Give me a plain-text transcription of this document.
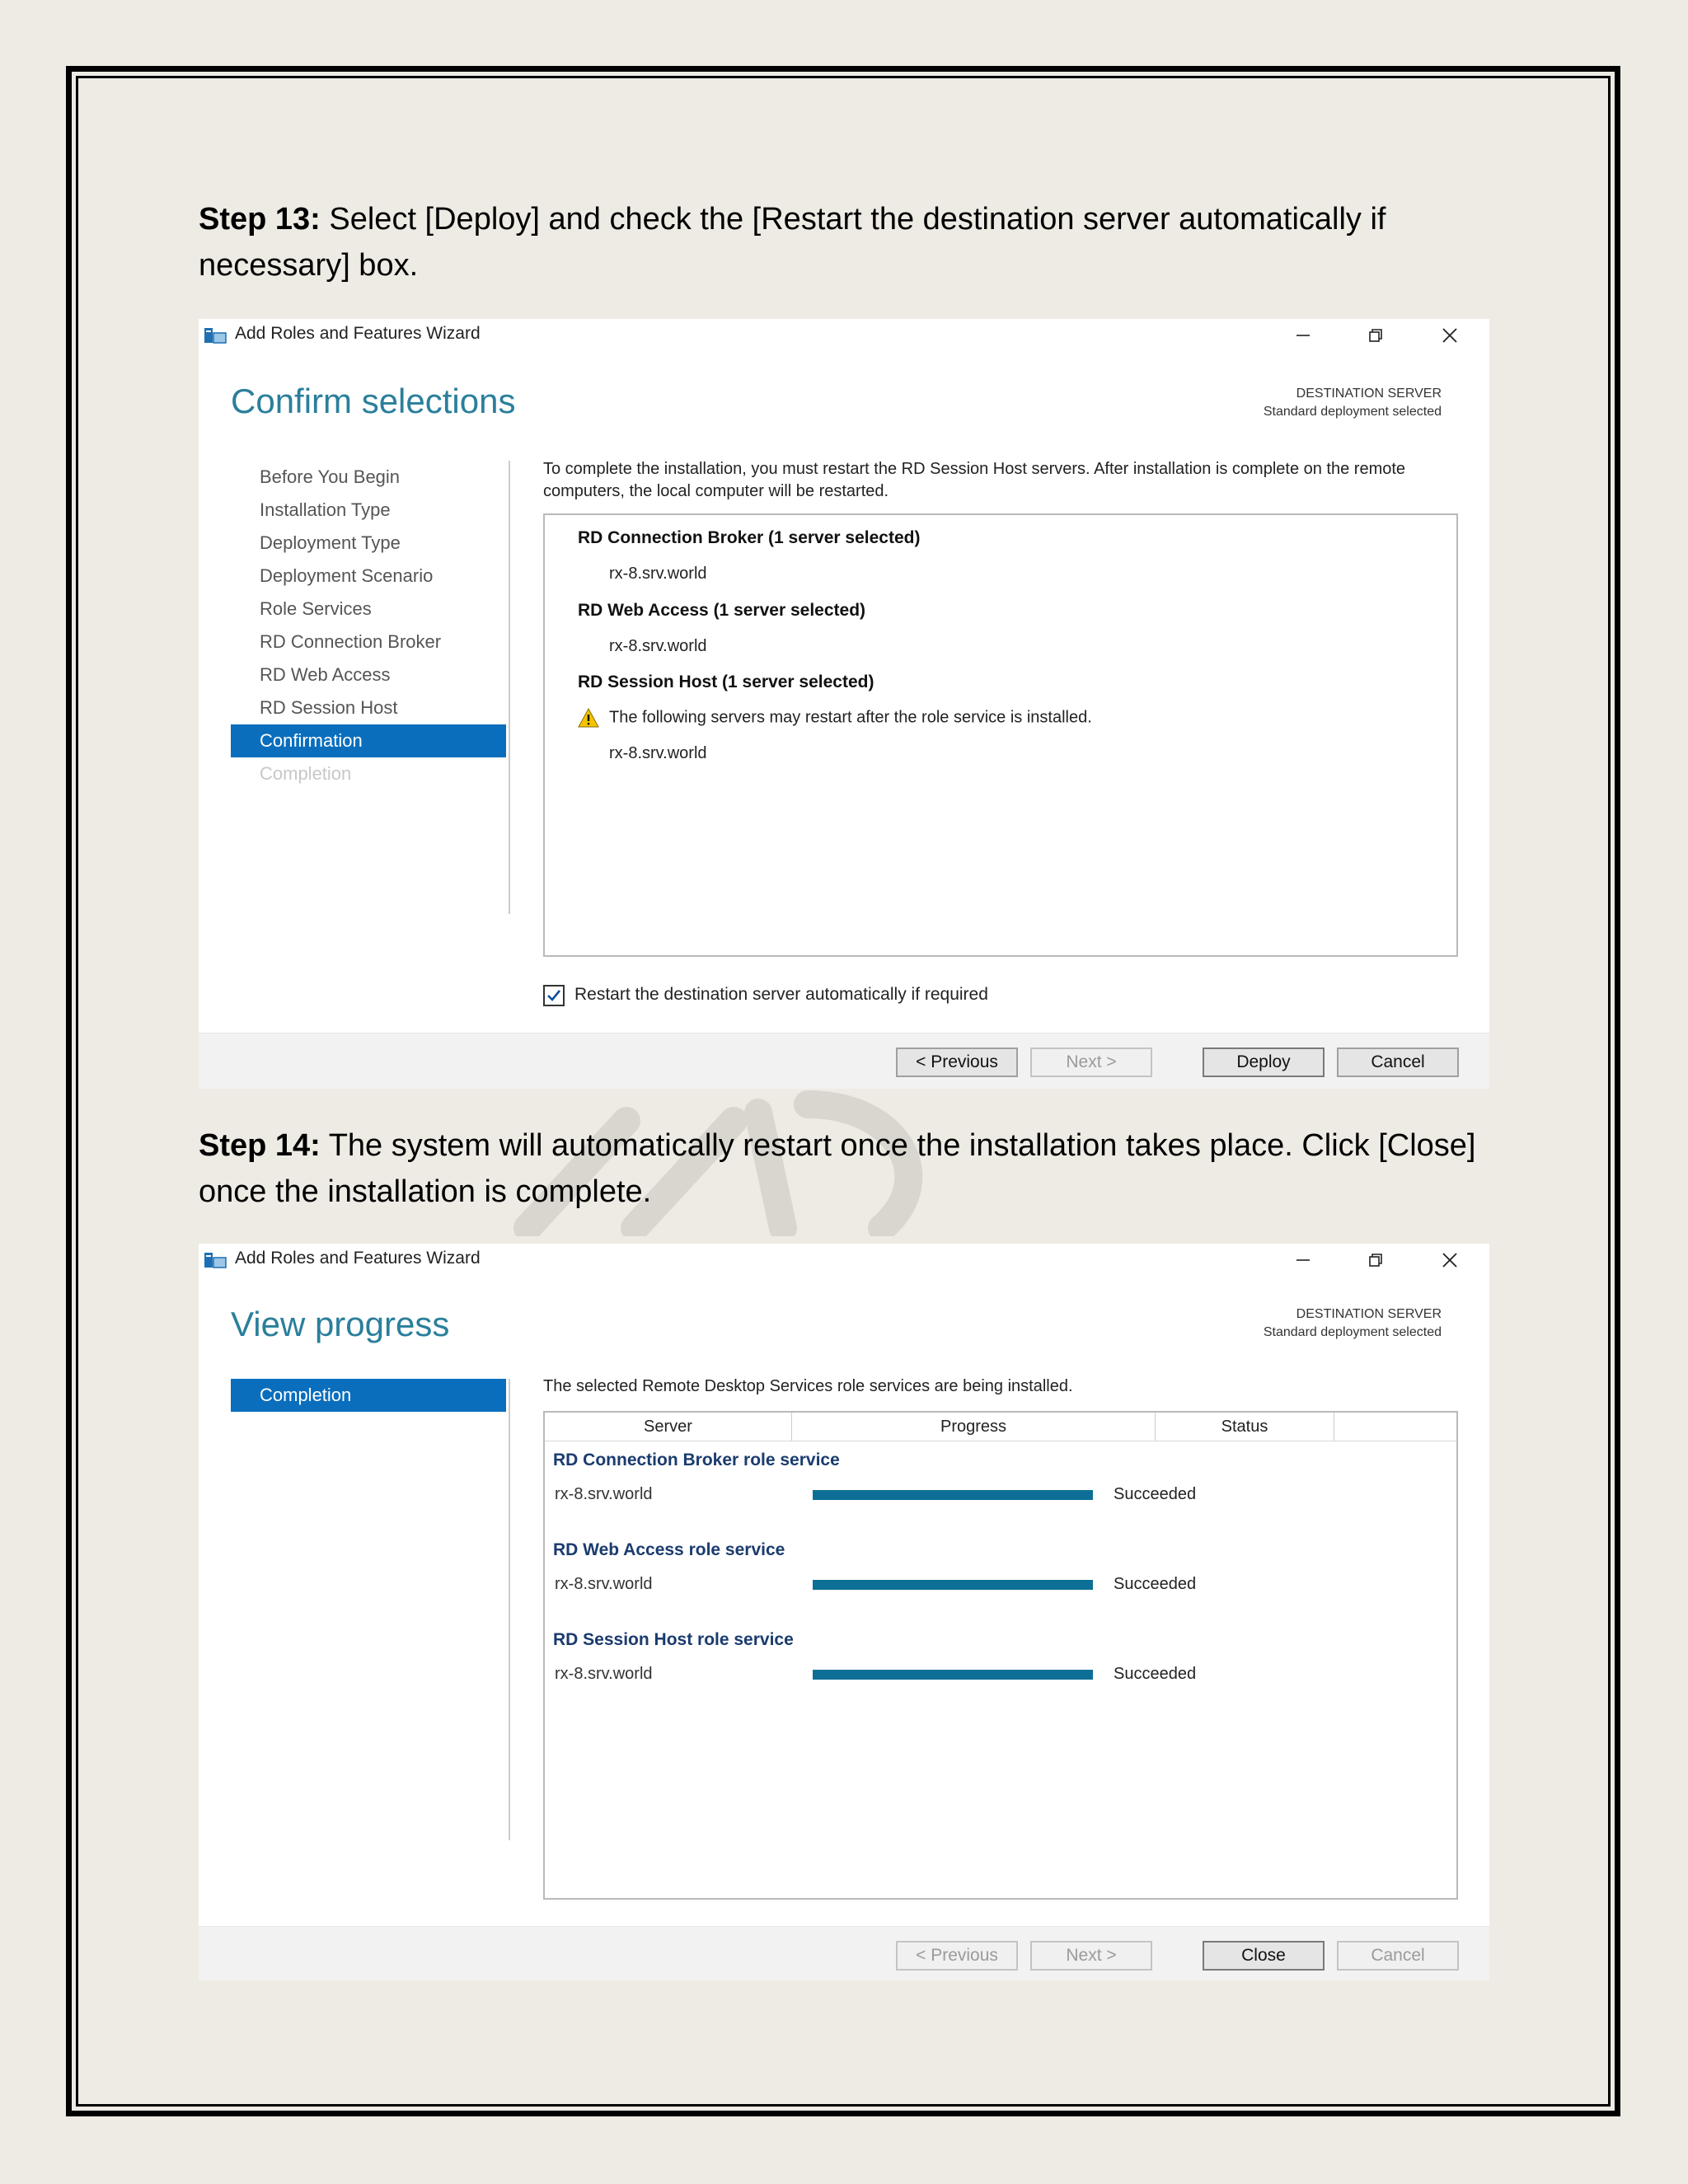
Step 13: Select [Deploy] and check the [Restart the destination server automatically if necessary] box.
Add Roles and Features Wizard
Confirm selections	DESTINATION SERVER
Standard deployment selected
Before You Begin
Installation Type
Deployment Type
Deployment Scenario
Role Services
RD Connection Broker
RD Web Access
RD Session Host
Confirmation
Completion
To complete the installation, you must restart the RD Session Host servers. After installation is complete on the remote computers, the local computer will be restarted.
RD Connection Broker (1 server selected)
rx-8.srv.world
RD Web Access (1 server selected)
rx-8.srv.world
RD Session Host (1 server selected)
The following servers may restart after the role service is installed.
rx-8.srv.world
Restart the destination server automatically if required
< Previous	Next >	Deploy	Cancel
Step 14: The system will automatically restart once the installation takes place. Click [Close] once the installation is complete.
Add Roles and Features Wizard
View progress	DESTINATION SERVER
Standard deployment selected
Completion	The selected Remote Desktop Services role services are being installed.
Server	Progress	Status
RD Connection Broker role service
rx-8.srv.world	Succeeded
RD Web Access role service
rx-8.srv.world	Succeeded
RD Session Host role service
rx-8.srv.world	Succeeded
< Previous	Next >	Close	Cancel
